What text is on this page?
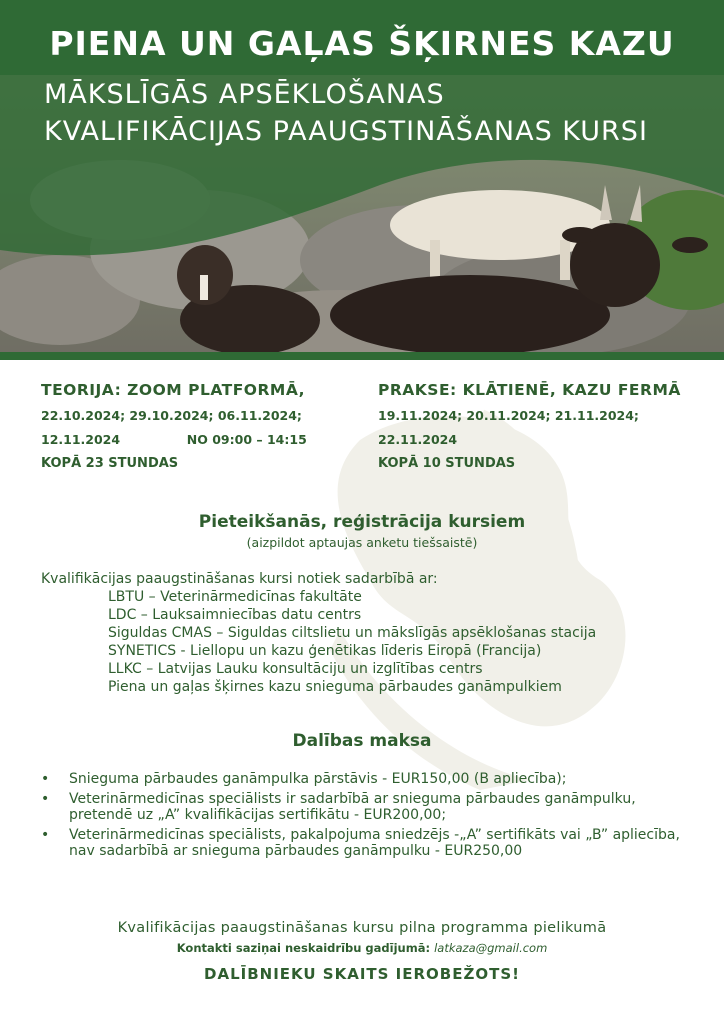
PIENA UN GAĻAS ŠĶIRNES KAZU
MĀKSLĪGĀS APSĒKLOŠANAS
KVALIFIKĀCIJAS PAAUGSTINĀŠANAS KURSI
TEORIJA: ZOOM PLATFORMĀ,
22.10.2024; 29.10.2024; 06.11.2024;
12.11.2024	NO 09:00 – 14:15
KOPĀ 23 STUNDAS
PRAKSE: KLĀTIENĒ, KAZU FERMĀ
19.11.2024; 20.11.2024; 21.11.2024;
22.11.2024
KOPĀ 10 STUNDAS
Pieteikšanās, reģistrācija kursiem
(aizpildot aptaujas anketu tiešsaistē)
Kvalifikācijas paaugstināšanas kursi notiek sadarbībā ar:
LBTU – Veterinārmedicīnas fakultāte
LDC – Lauksaimniecības datu centrs
Siguldas CMAS – Siguldas ciltslietu un mākslīgās apsēklošanas stacija
SYNETICS - Liellopu un kazu ģenētikas līderis Eiropā (Francija)
LLKC – Latvijas Lauku konsultāciju un izglītības centrs
Piena un gaļas šķirnes kazu snieguma pārbaudes ganāmpulkiem
Dalības maksa
• Snieguma pārbaudes ganāmpulka pārstāvis - EUR150,00 (B apliecība);
• Veterinārmedicīnas speciālists ir sadarbībā ar snieguma pārbaudes ganāmpulku, pretendē uz „A” kvalifikācijas sertifikātu - EUR200,00;
• Veterinārmedicīnas speciālists, pakalpojuma sniedzējs -„A” sertifikāts vai „B” apliecība, nav sadarbībā ar snieguma pārbaudes ganāmpulku - EUR250,00
Kvalifikācijas paaugstināšanas kursu pilna programma pielikumā
Kontakti saziņai neskaidrību gadījumā: latkaza@gmail.com
DALĪBNIEKU SKAITS IEROBEŽOTS!
